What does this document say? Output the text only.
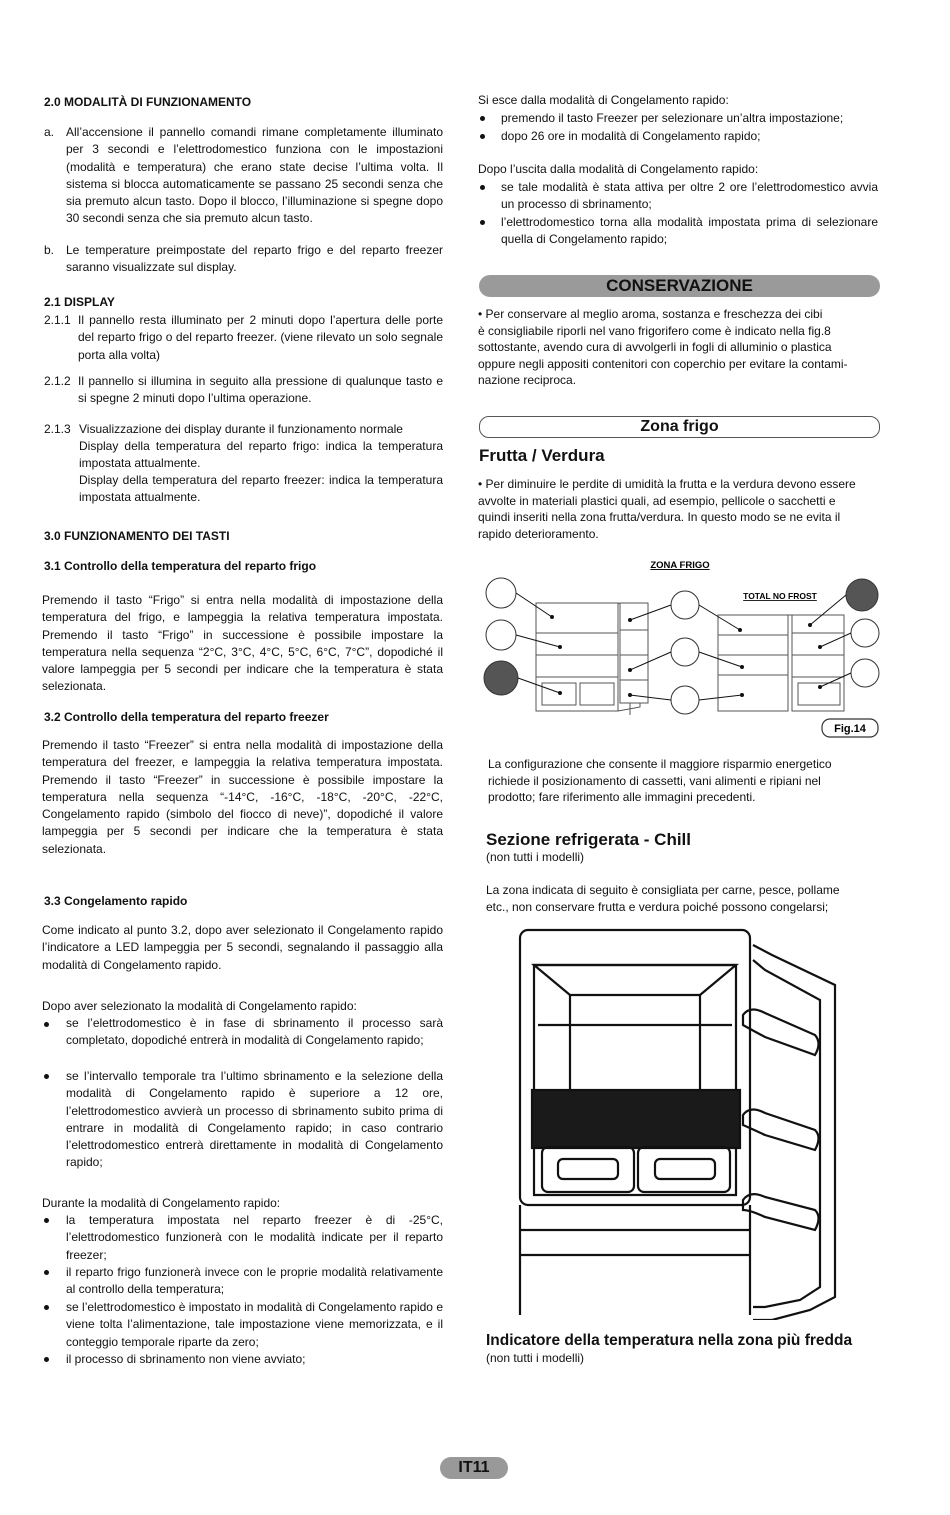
2.0 MODALITÀ DI FUNZIONAMENTO
a. All’accensione il pannello comandi rimane completamente illuminato per 3 secondi e l’elettrodomestico funziona con le impostazioni (modalità e temperatura) che erano state decise l’ultima volta. Il sistema si blocca automaticamente se passano 25 secondi senza che sia premuto alcun tasto. Dopo il blocco, l’illuminazione si spegne dopo 30 secondi senza che sia premuto alcun tasto.
b. Le temperature preimpostate del reparto frigo e del reparto freezer saranno visualizzate sul display.
2.1 DISPLAY
2.1.1 Il pannello resta illuminato per 2 minuti dopo l’apertura delle porte del reparto frigo o del reparto freezer. (viene rilevato un solo segnale porta alla volta)
2.1.2 Il pannello si illumina in seguito alla pressione di qualunque tasto e si spegne 2 minuti dopo l’ultima operazione.
2.1.3 Visualizzazione dei display durante il funzionamento normale
Display della temperatura del reparto frigo: indica la temperatura impostata attualmente.
Display della temperatura del reparto freezer: indica la temperatura impostata attualmente.
3.0 FUNZIONAMENTO DEI TASTI
3.1 Controllo della temperatura del reparto frigo
Premendo il tasto “Frigo” si entra nella modalità di impostazione della temperatura del frigo, e lampeggia la relativa temperatura impostata. Premendo il tasto “Frigo” in successione è possibile impostare la temperatura nella sequenza “2°C, 3°C, 4°C, 5°C, 6°C, 7°C”, dopodiché il valore lampeggia per 5 secondi per indicare che la temperatura è stata selezionata.
3.2 Controllo della temperatura del reparto freezer
Premendo il tasto “Freezer” si entra nella modalità di impostazione della temperatura del freezer, e lampeggia la relativa temperatura impostata. Premendo il tasto “Freezer” in successione è possibile impostare la temperatura nella sequenza “-14°C, -16°C, -18°C, -20°C, -22°C, Congelamento rapido (simbolo del fiocco di neve)”, dopodiché il valore lampeggia per 5 secondi per indicare che la temperatura è stata selezionata.
3.3 Congelamento rapido
Come indicato al punto 3.2, dopo aver selezionato il Congelamento rapido l’indicatore a LED lampeggia per 5 secondi, segnalando il passaggio alla modalità di Congelamento rapido.
Dopo aver selezionato la modalità di Congelamento rapido:
se l’elettrodomestico è in fase di sbrinamento il processo sarà completato, dopodiché entrerà in modalità di Congelamento rapido;
se l’intervallo temporale tra l’ultimo sbrinamento e la selezione della modalità di Congelamento rapido è superiore a 12 ore, l’elettrodomestico avvierà un processo di sbrinamento subito prima di entrare in modalità di Congelamento rapido; in caso contrario l’elettrodomestico entrerà direttamente in modalità di Congelamento rapido;
Durante la modalità di Congelamento rapido:
la temperatura impostata nel reparto freezer è di -25°C, l’elettrodomestico funzionerà con le modalità indicate per il reparto freezer;
il reparto frigo funzionerà invece con le proprie modalità relativamente al controllo della temperatura;
se l’elettrodomestico è impostato in modalità di Congelamento rapido e viene tolta l’alimentazione, tale impostazione viene memorizzata, e il conteggio temporale riparte da zero;
il processo di sbrinamento non viene avviato;
Si esce dalla modalità di Congelamento rapido:
premendo il tasto Freezer per selezionare un’altra impostazione;
dopo 26 ore in modalità di Congelamento rapido;
Dopo l’uscita dalla modalità di Congelamento rapido:
se tale modalità è stata attiva per oltre 2 ore l’elettrodomestico avvia un processo di sbrinamento;
l’elettrodomestico torna alla modalità impostata prima di selezionare quella di Congelamento rapido;
CONSERVAZIONE
• Per conservare al meglio aroma, sostanza e freschezza dei cibi
è consigliabile riporli nel vano frigorifero come è indicato nella fig.8
sottostante, avendo cura di avvolgerli in fogli di alluminio o plastica
oppure negli appositi contenitori con coperchio per evitare la contami-
nazione reciproca.
Zona frigo
Frutta / Verdura
• Per diminuire le perdite di umidità la frutta e la verdura devono essere
avvolte in materiali plastici quali, ad esempio, pellicole o sacchetti e
quindi inseriti nella zona frutta/verdura. In questo modo se ne evita il
rapido deterioramento.
ZONA FRIGO
TOTAL NO FROST
Fig.14
La configurazione che consente il maggiore risparmio energetico
richiede il posizionamento di cassetti, vani alimenti e ripiani nel
prodotto; fare riferimento alle immagini precedenti.
Sezione refrigerata - Chill
(non tutti i modelli)
La zona indicata di seguito è consigliata per carne, pesce, pollame
etc., non conservare frutta e verdura poiché possono congelarsi;
Indicatore della temperatura nella zona più fredda
(non tutti i modelli)
IT11
